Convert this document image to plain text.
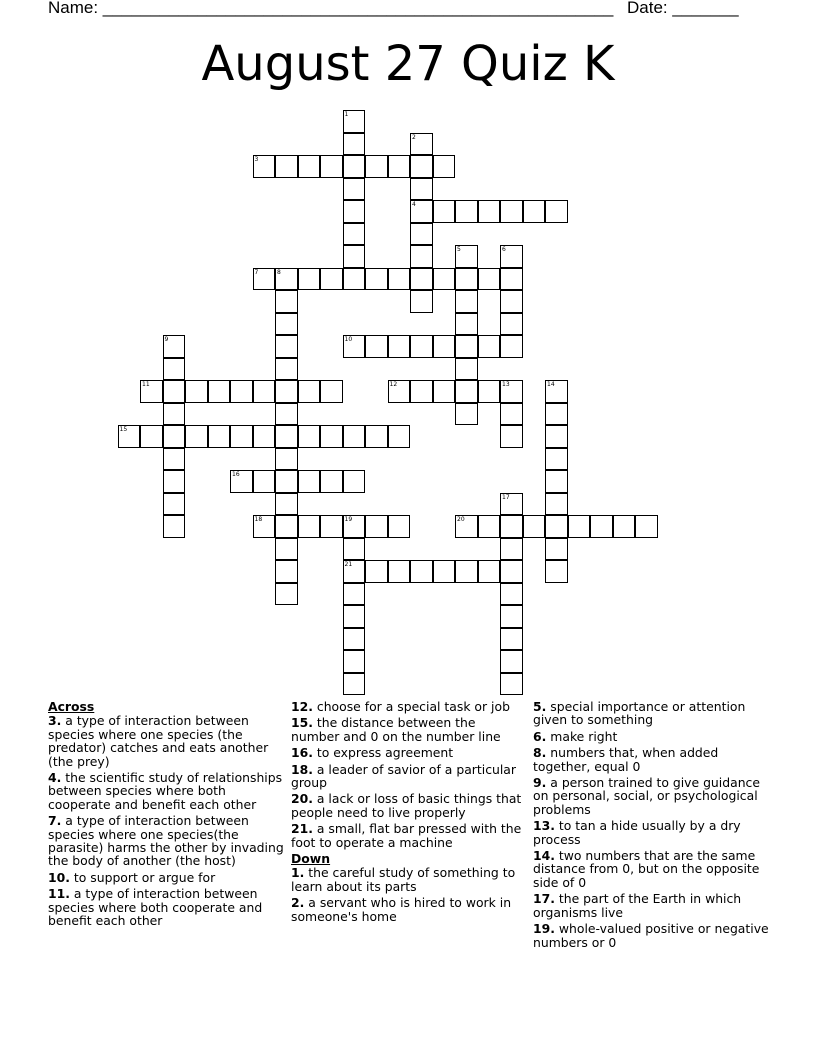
Name: ______________________________________________________ Date: _______
August 27 Quiz K
1
2
4
3
5	6
7	8
9	10
11	12	13	14
15
16
17
18	19
21
20
Across
3. a type of interaction between species where one species (the predator) catches and eats another (the prey)
4. the scientific study of relationships between species where both cooperate and benefit each other
7. a type of interaction between species where one species(the parasite) harms the other by invading the body of another (the host)
10. to support or argue for
11. a type of interaction between species where both cooperate and benefit each other
12. choose for a special task or job
15. the distance between the number and 0 on the number line
16. to express agreement
18. a leader of savior of a particular group
20. a lack or loss of basic things that people need to live properly
21. a small, flat bar pressed with the foot to operate a machine
Down
1. the careful study of something to learn about its parts
2. a servant who is hired to work in someone's home
5. special importance or attention given to something
6. make right
8. numbers that, when added together, equal 0
9. a person trained to give guidance on personal, social, or psychological problems
13. to tan a hide usually by a dry process
14. two numbers that are the same distance from 0, but on the opposite side of 0
17. the part of the Earth in which organisms live
19. whole-valued positive or negative numbers or 0
